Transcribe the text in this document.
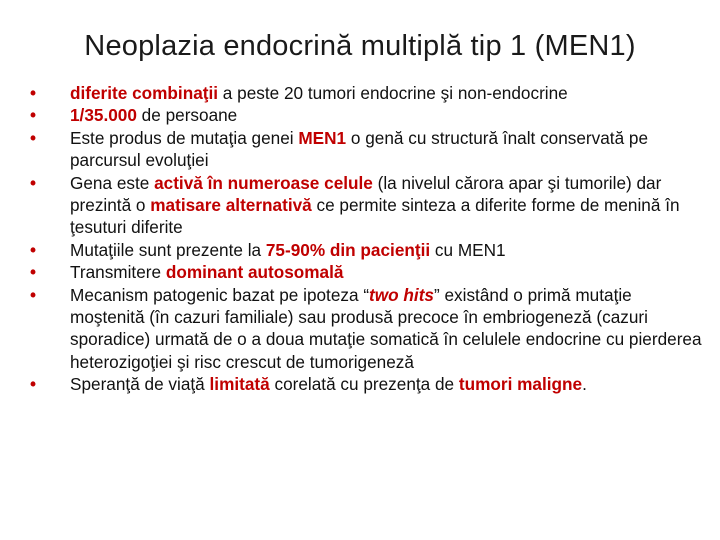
Neoplazia endocrină multiplă tip 1 (MEN1)
•	diferite combinaţii a peste 20 tumori endocrine şi non-endocrine
•	1/35.000 de persoane
•	Este produs de mutaţia genei MEN1 o genă cu structură înalt conservată pe parcursul evoluţiei
•	Gena este activă în numeroase celule (la nivelul cărora apar şi tumorile) dar prezintă o matisare alternativă ce permite sinteza a diferite forme de menină în ţesuturi diferite
•	Mutaţiile sunt prezente la 75-90% din pacienţii cu MEN1
•	Transmitere dominant autosomală
•	Mecanism patogenic bazat pe ipoteza “two hits” existând o primă mutaţie moştenită (în cazuri familiale) sau produsă precoce în embriogeneză (cazuri sporadice) urmată de o a doua mutaţie somatică în celulele endocrine cu pierderea heterozigoţiei şi risc crescut de tumorigeneză
•	Speranţă de viaţă limitată corelată cu prezenţa de tumori maligne.
